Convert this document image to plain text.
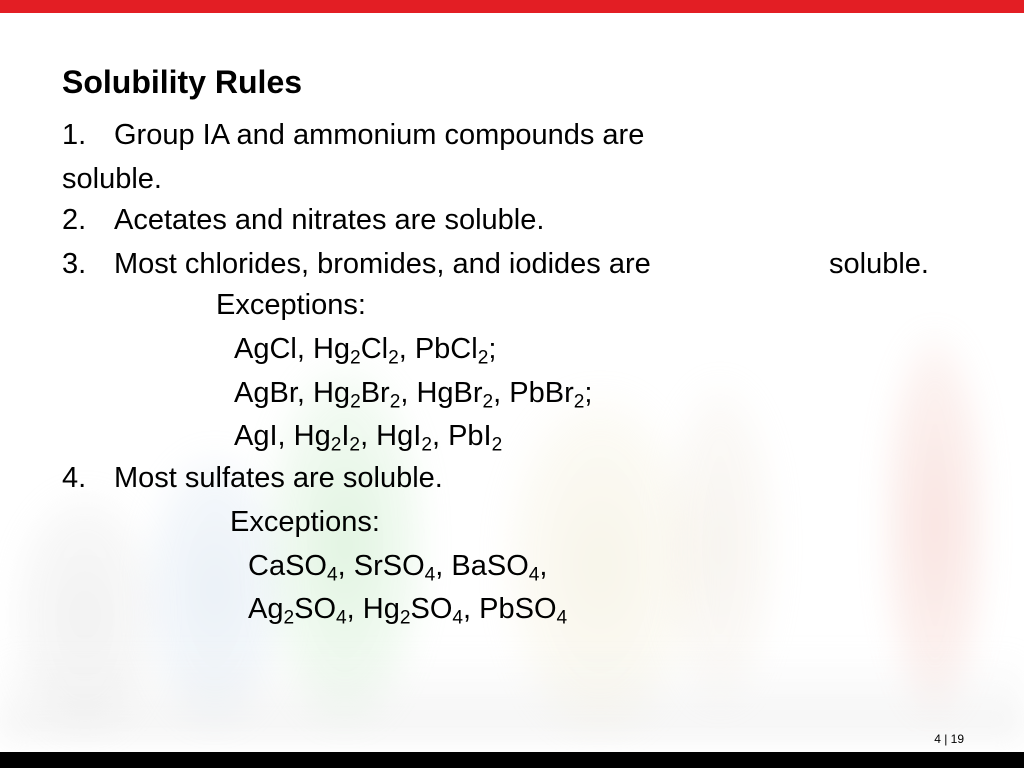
Solubility Rules
1. Group IA and ammonium compounds are
soluble.
2. Acetates and nitrates are soluble.
3. Most chlorides, bromides, and iodides are	soluble.
Exceptions:
AgCl, $Hg_2Cl_2$, PbCl$_2$;
AgBr, $Hg_2Br_2$, HgBr$_2$, PbBr$_2$;
AgI, $Hg_2I_2$, HgI$_2$, PbI$_2$
4. Most sulfates are soluble.
Exceptions:
CaSO$_4$, SrSO$_4$, BaSO$_4$,
$Ag_2SO_4$, $Hg_2SO_4$, PbSO$_4$
4 | 19
